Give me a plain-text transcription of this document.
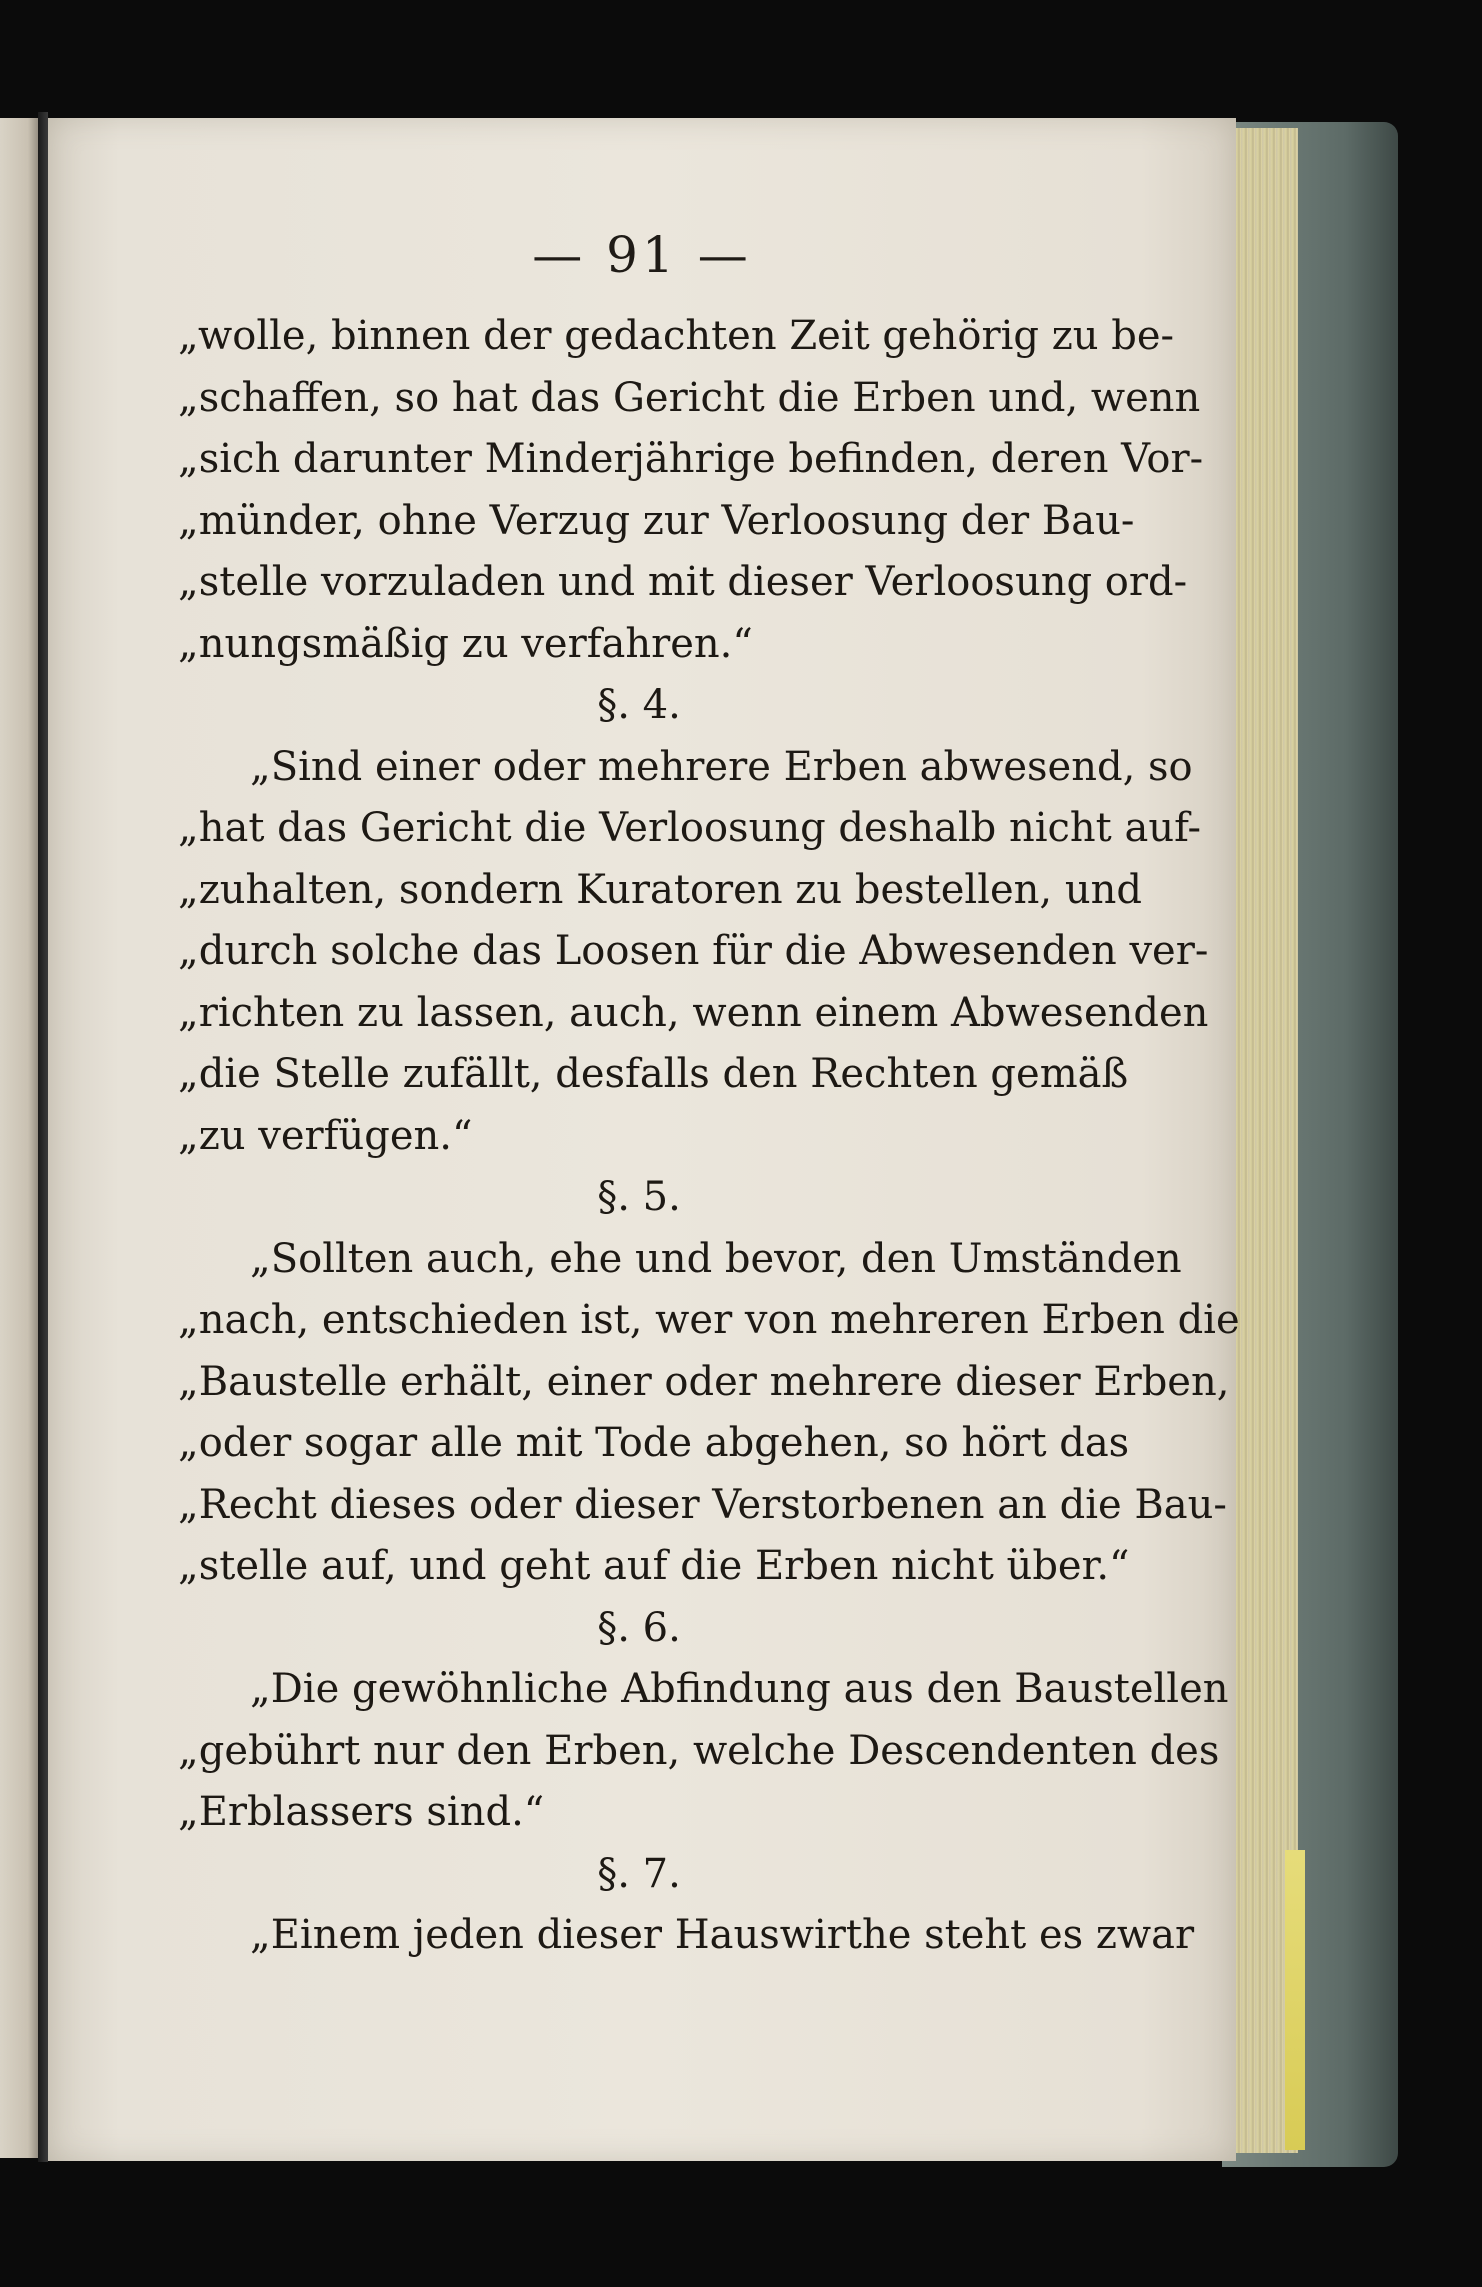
— 91 —
„wolle, binnen der gedachten Zeit gehörig zu be-
„schaffen, so hat das Gericht die Erben und, wenn
„sich darunter Minderjährige befinden, deren Vor-
„münder, ohne Verzug zur Verloosung der Bau-
„stelle vorzuladen und mit dieser Verloosung ord-
„nungsmäßig zu verfahren.“
§. 4.
„Sind einer oder mehrere Erben abwesend, so
„hat das Gericht die Verloosung deshalb nicht auf-
„zuhalten, sondern Kuratoren zu bestellen, und
„durch solche das Loosen für die Abwesenden ver-
„richten zu lassen, auch, wenn einem Abwesenden
„die Stelle zufällt, desfalls den Rechten gemäß
„zu verfügen.“
§. 5.
„Sollten auch, ehe und bevor, den Umständen
„nach, entschieden ist, wer von mehreren Erben die
„Baustelle erhält, einer oder mehrere dieser Erben,
„oder sogar alle mit Tode abgehen, so hört das
„Recht dieses oder dieser Verstorbenen an die Bau-
„stelle auf, und geht auf die Erben nicht über.“
§. 6.
„Die gewöhnliche Abfindung aus den Baustellen
„gebührt nur den Erben, welche Descendenten des
„Erblassers sind.“
§. 7.
„Einem jeden dieser Hauswirthe steht es zwar
